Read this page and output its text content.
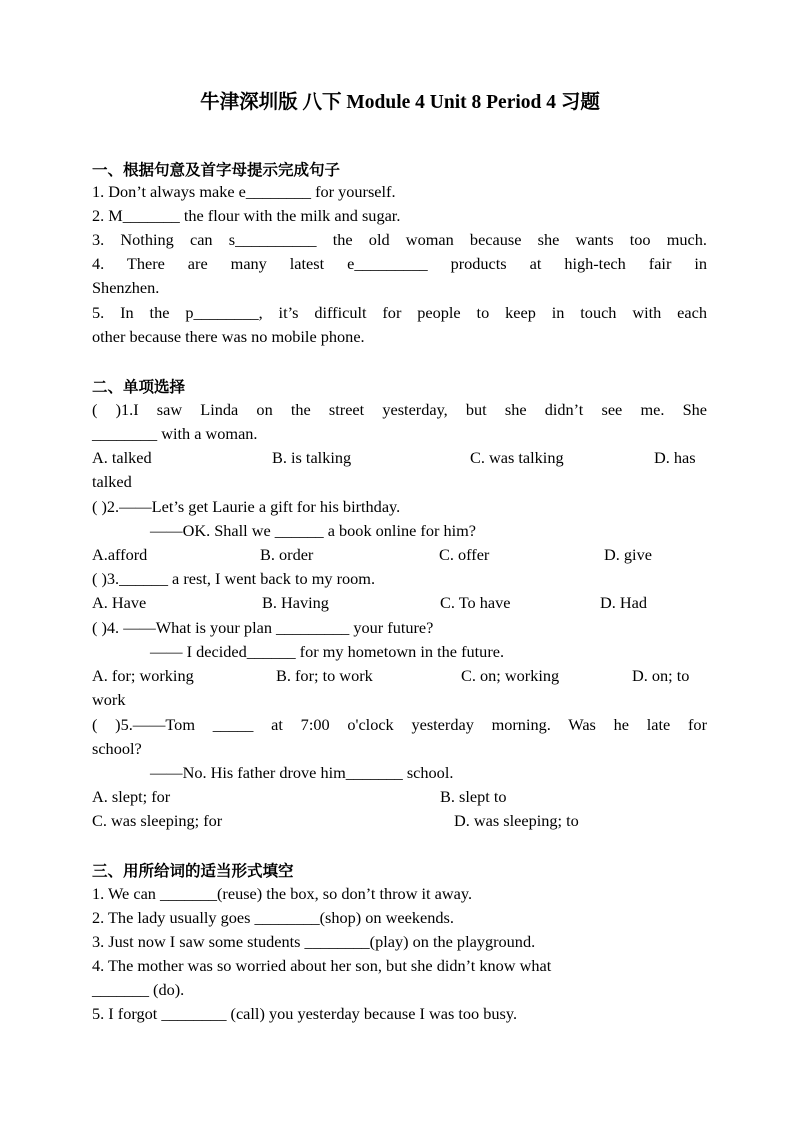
牛津深圳版 八下 Module 4 Unit 8 Period 4 习题
一、根据句意及首字母提示完成句子
1. Don’t always make e________ for yourself.
2. M_______ the flour with the milk and sugar.
3. Nothing can s__________ the old woman because she wants too much.
4. There are many latest e_________ products at high-tech fair in
Shenzhen.
5. In the p________, it’s difficult for people to keep in touch with each
other because there was no mobile phone.
二、单项选择
( )1.I saw Linda on the street yesterday, but she didn’t see me. She
________ with a woman.
A. talked	B. is talking	C. was talking	D. has
talked
( )2.——Let’s get Laurie a gift for his birthday.
——OK. Shall we ______ a book online for him?
A.afford	B. order	C. offer	D. give
( )3.______ a rest, I went back to my room.
A. Have	B. Having	C. To have	D. Had
( )4. ——What is your plan _________ your future?
—— I decided______ for my hometown in the future.
A. for; working	B. for; to work	C. on; working	D. on; to
work
( )5.——Tom _____ at 7:00 o'clock yesterday morning. Was he late for
school?
——No. His father drove him_______ school.
A. slept; for	B. slept to
C. was sleeping; for	D. was sleeping; to
三、用所给词的适当形式填空
1. We can _______(reuse) the box, so don’t throw it away.
2. The lady usually goes ________(shop) on weekends.
3. Just now I saw some students ________(play) on the playground.
4. The mother was so worried about her son, but she didn’t know what
_______ (do).
5. I forgot ________ (call) you yesterday because I was too busy.
